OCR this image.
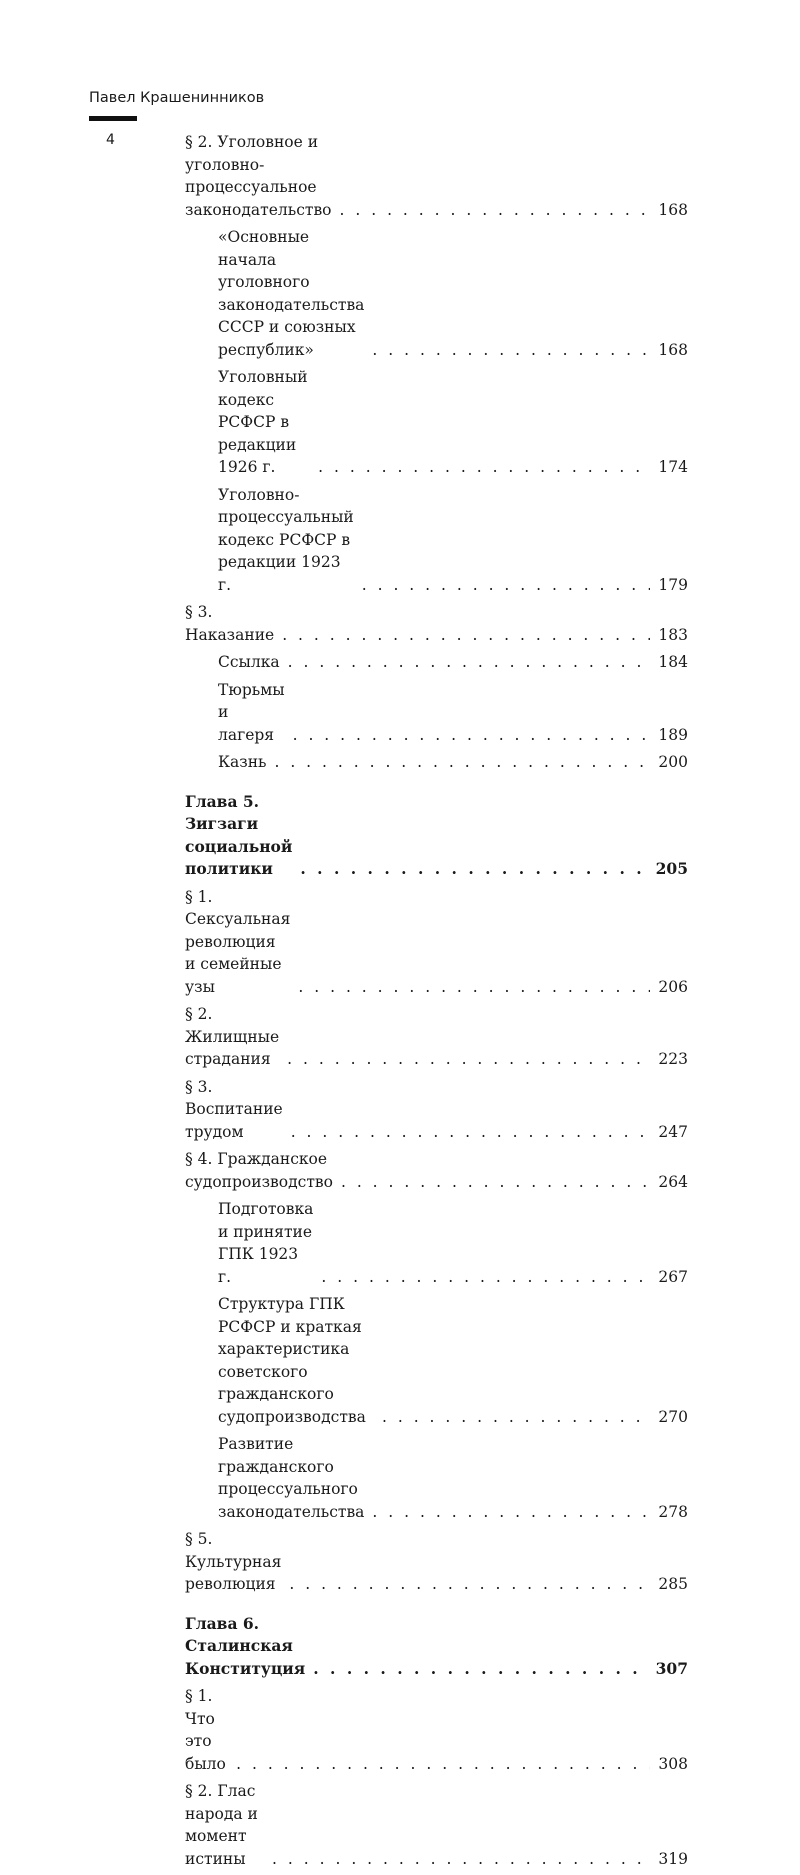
Павел Крашенинников
4	§ 2. Уголовное и уголовно-процессуальное законодательство . . .	168
«Основные начала уголовного законодательства СССР и союзных республик» . . .	168
Уголовный кодекс РСФСР в редакции 1926 г. . . .	174
Уголовно-процессуальный кодекс РСФСР в редакции 1923 г. . . .	179
§ 3. Наказание . . .	183
Ссылка . . .	184
Тюрьмы и лагеря . . .	189
Казнь . . .	200
Глава 5. Зигзаги социальной политики . . .	205
§ 1. Сексуальная революция и семейные узы . . .	206
§ 2. Жилищные страдания . . .	223
§ 3. Воспитание трудом . . .	247
§ 4. Гражданское судопроизводство . . .	264
Подготовка и принятие ГПК 1923 г. . . .	267
Структура ГПК РСФСР и краткая характеристика советского гражданского судопроизводства . . .	270
Развитие гражданского процессуального законодательства . . .	278
§ 5. Культурная революция . . .	285
Глава 6. Сталинская Конституция . . .	307
§ 1. Что это было . . .	308
§ 2. Глас народа и момент истины . . .	319
